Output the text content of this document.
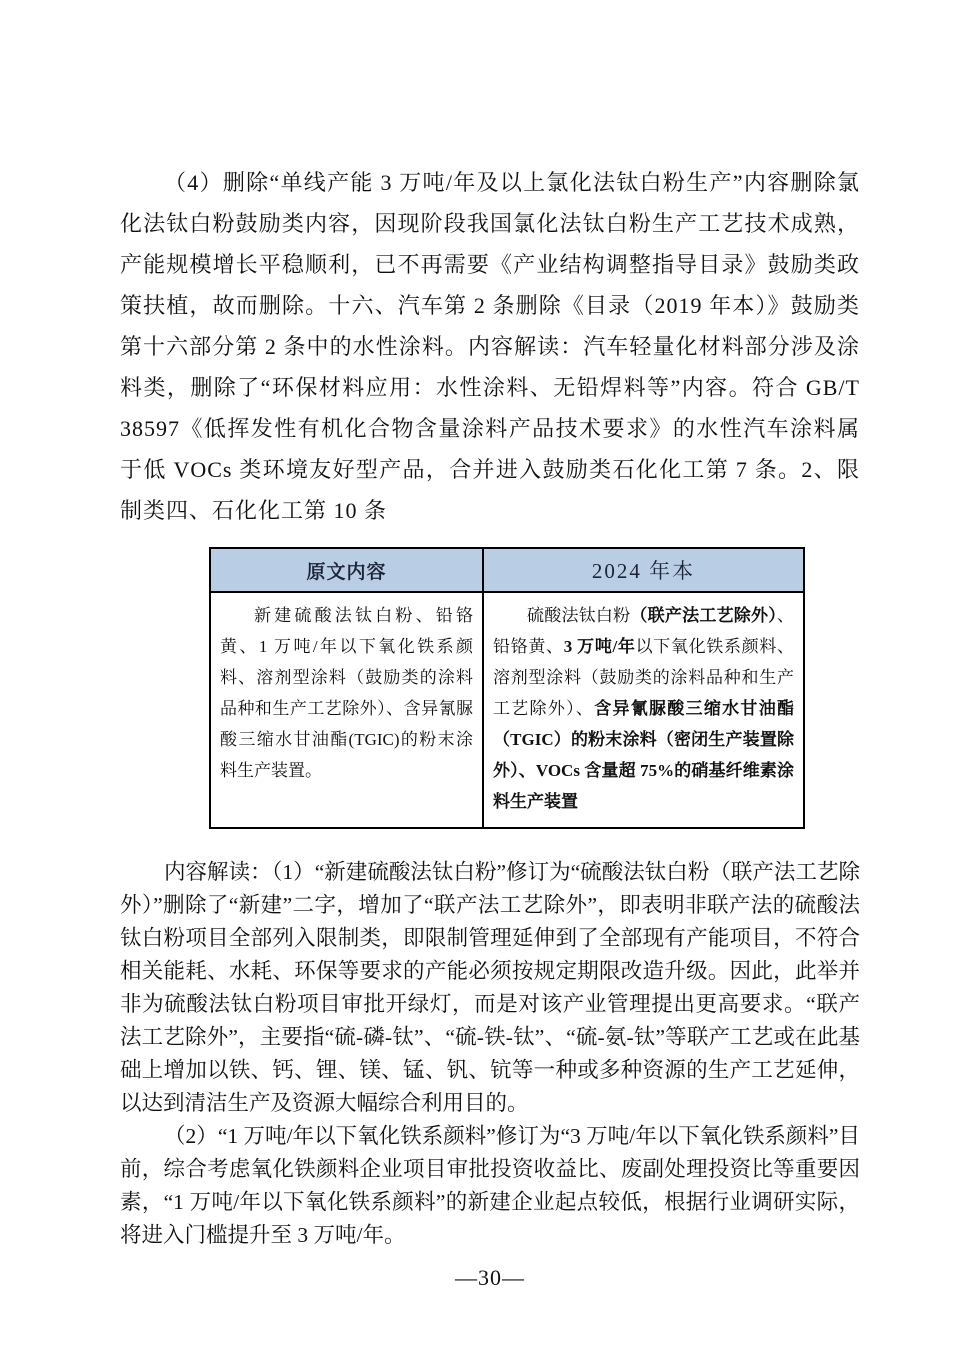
（4）删除“单线产能 3 万吨/年及以上氯化法钛白粉生产”内容删除氯化法钛白粉鼓励类内容，因现阶段我国氯化法钛白粉生产工艺技术成熟，产能规模增长平稳顺利，已不再需要《产业结构调整指导目录》鼓励类政策扶植，故而删除。十六、汽车第 2 条删除《目录（2019 年本）》鼓励类第十六部分第 2 条中的水性涂料。内容解读：汽车轻量化材料部分涉及涂料类，删除了“环保材料应用：水性涂料、无铅焊料等”内容。符合 GB/T 38597《低挥发性有机化合物含量涂料产品技术要求》的水性汽车涂料属于低 VOCs 类环境友好型产品，合并进入鼓励类石化化工第 7 条。2、限制类四、石化化工第 10 条

原文内容	2024 年本
新建硫酸法钛白粉、铅铬黄、1 万吨/年以下氧化铁系颜料、溶剂型涂料（鼓励类的涂料品种和生产工艺除外）、含异氰脲酸三缩水甘油酯(TGIC)的粉末涂料生产装置。	硫酸法钛白粉（联产法工艺除外）、铅铬黄、3 万吨/年以下氧化铁系颜料、溶剂型涂料（鼓励类的涂料品种和生产工艺除外）、含异氰脲酸三缩水甘油酯（TGIC）的粉末涂料（密闭生产装置除外）、VOCs 含量超 75%的硝基纤维素涂料生产装置

内容解读：（1）“新建硫酸法钛白粉”修订为“硫酸法钛白粉（联产法工艺除外）”删除了“新建”二字，增加了“联产法工艺除外”，即表明非联产法的硫酸法钛白粉项目全部列入限制类，即限制管理延伸到了全部现有产能项目，不符合相关能耗、水耗、环保等要求的产能必须按规定期限改造升级。因此，此举并非为硫酸法钛白粉项目审批开绿灯，而是对该产业管理提出更高要求。“联产法工艺除外”，主要指“硫-磷-钛”、“硫-铁-钛”、“硫-氨-钛”等联产工艺或在此基础上增加以铁、钙、锂、镁、锰、钒、钪等一种或多种资源的生产工艺延伸，以达到清洁生产及资源大幅综合利用目的。

（2）“1 万吨/年以下氧化铁系颜料”修订为“3 万吨/年以下氧化铁系颜料”目前，综合考虑氧化铁颜料企业项目审批投资收益比、废副处理投资比等重要因素，“1 万吨/年以下氧化铁系颜料”的新建企业起点较低，根据行业调研实际，将进入门槛提升至 3 万吨/年。

—30—
